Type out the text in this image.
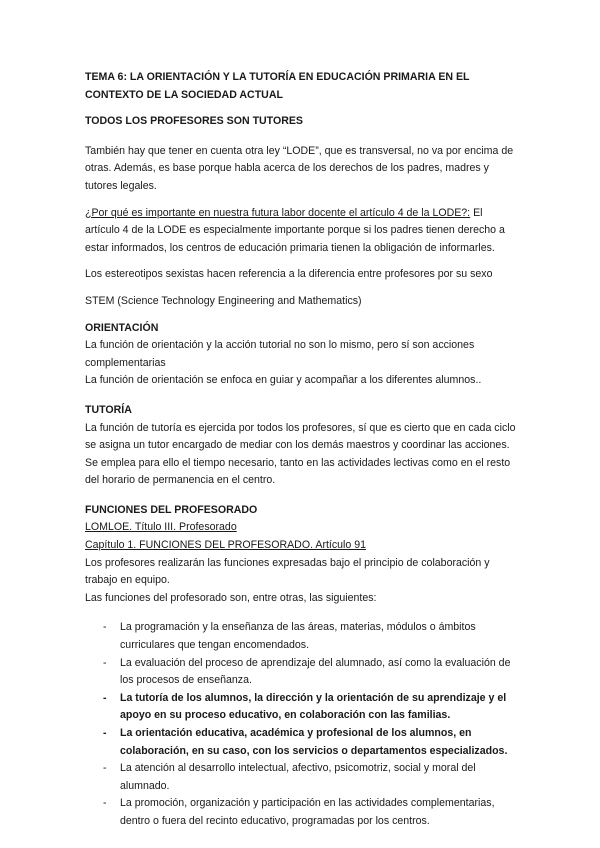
TEMA 6: LA ORIENTACIÓN Y LA TUTORÍA EN EDUCACIÓN PRIMARIA EN EL CONTEXTO DE LA SOCIEDAD ACTUAL

TODOS LOS PROFESORES SON TUTORES

También hay que tener en cuenta otra ley “LODE”, que es transversal, no va por encima de otras. Además, es base porque habla acerca de los derechos de los padres, madres y tutores legales.

¿Por qué es importante en nuestra futura labor docente el artículo 4 de la LODE?: El artículo 4 de la LODE es especialmente importante porque si los padres tienen derecho a estar informados, los centros de educación primaria tienen la obligación de informarles.

Los estereotipos sexistas hacen referencia a la diferencia entre profesores por su sexo

STEM (Science Technology Engineering and Mathematics)

ORIENTACIÓN

La función de orientación y la acción tutorial no son lo mismo, pero sí son acciones complementarias

La función de orientación se enfoca en guiar y acompañar a los diferentes alumnos..

TUTORÍA

La función de tutoría es ejercida por todos los profesores, sí que es cierto que en cada ciclo se asigna un tutor encargado de mediar con los demás maestros y coordinar las acciones. Se emplea para ello el tiempo necesario, tanto en las actividades lectivas como en el resto del horario de permanencia en el centro.

FUNCIONES DEL PROFESORADO

LOMLOE. Título III. Profesorado

Capítulo 1. FUNCIONES DEL PROFESORADO. Artículo 91

Los profesores realizarán las funciones expresadas bajo el principio de colaboración y trabajo en equipo.

Las funciones del profesorado son, entre otras, las siguientes:

- La programación y la enseñanza de las áreas, materias, módulos o ámbitos curriculares que tengan encomendados.
- La evaluación del proceso de aprendizaje del alumnado, así como la evaluación de los procesos de enseñanza.
- La tutoría de los alumnos, la dirección y la orientación de su aprendizaje y el apoyo en su proceso educativo, en colaboración con las familias.
- La orientación educativa, académica y profesional de los alumnos, en colaboración, en su caso, con los servicios o departamentos especializados.
- La atención al desarrollo intelectual, afectivo, psicomotriz, social y moral del alumnado.
- La promoción, organización y participación en las actividades complementarias, dentro o fuera del recinto educativo, programadas por los centros.
